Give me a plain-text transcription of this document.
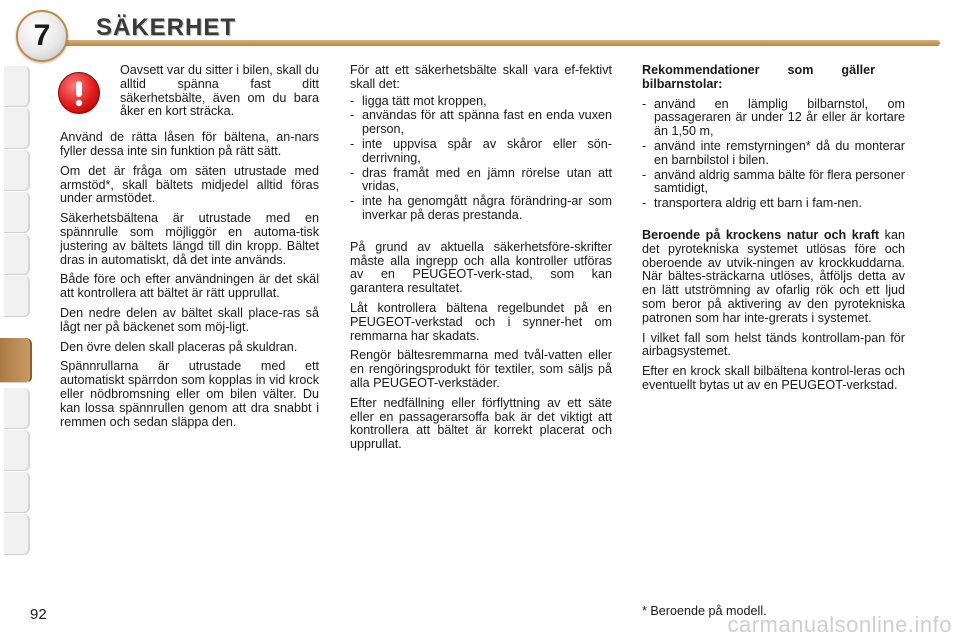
7 SÄKERHET

Oavsett var du sitter i bilen, skall du alltid spänna fast ditt säkerhetsbälte, även om du bara åker en kort sträcka.

Använd de rätta låsen för bältena, an-nars fyller dessa inte sin funktion på rätt sätt.

Om det är fråga om säten utrustade med armstöd*, skall bältets midjedel alltid föras under armstödet.

Säkerhetsbältena är utrustade med en spännrulle som möjliggör en automa-tisk justering av bältets längd till din kropp. Bältet dras in automatiskt, då det inte används.

Både före och efter användningen är det skäl att kontrollera att bältet är rätt upprullat.

Den nedre delen av bältet skall place-ras så lågt ner på bäckenet som möj-ligt.

Den övre delen skall placeras på skuldran.

Spännrullarna är utrustade med ett automatiskt spärrdon som kopplas in vid krock eller nödbromsning eller om bilen välter. Du kan lossa spännrullen genom att dra snabbt i remmen och sedan släppa den.

För att ett säkerhetsbälte skall vara ef-fektivt skall det:

- ligga tätt mot kroppen,
- användas för att spänna fast en enda vuxen person,
- inte uppvisa spår av skåror eller sön-derrivning,
- dras framåt med en jämn rörelse utan att vridas,
- inte ha genomgått några förändring-ar som inverkar på deras prestanda.

På grund av aktuella säkerhetsföre-skrifter måste alla ingrepp och alla kontroller utföras av en PEUGEOT-verk-stad, som kan garantera resultatet.

Låt kontrollera bältena regelbundet på en PEUGEOT-verkstad och i synner-het om remmarna har skadats.

Rengör bältesremmarna med tvål-vatten eller en rengöringsprodukt för textiler, som säljs på alla PEUGEOT-verkstäder.

Efter nedfällning eller förflyttning av ett säte eller en passagerarsoffa bak är det viktigt att kontrollera att bältet är korrekt placerat och upprullat.

Rekommendationer som gäller bilbarnstolar:

- använd en lämplig bilbarnstol, om passageraren är under 12 år eller är kortare än 1,50 m,
- använd inte remstyrningen* då du monterar en barnbilstol i bilen.
- använd aldrig samma bälte för flera personer samtidigt,
- transportera aldrig ett barn i fam-nen.

Beroende på krockens natur och kraft kan det pyrotekniska systemet utlösas före och oberoende av utvik-ningen av krockkuddarna. När bältes-sträckarna utlöses, åtföljs detta av en lätt utströmning av ofarlig rök och ett ljud som beror på aktivering av den pyrotekniska patronen som har inte-grerats i systemet.

I vilket fall som helst tänds kontrollam-pan för airbagsystemet.

Efter en krock skall bilbältena kontrol-leras och eventuellt bytas ut av en PEUGEOT-verkstad.

92	* Beroende på modell.
carmanualsonline.info
